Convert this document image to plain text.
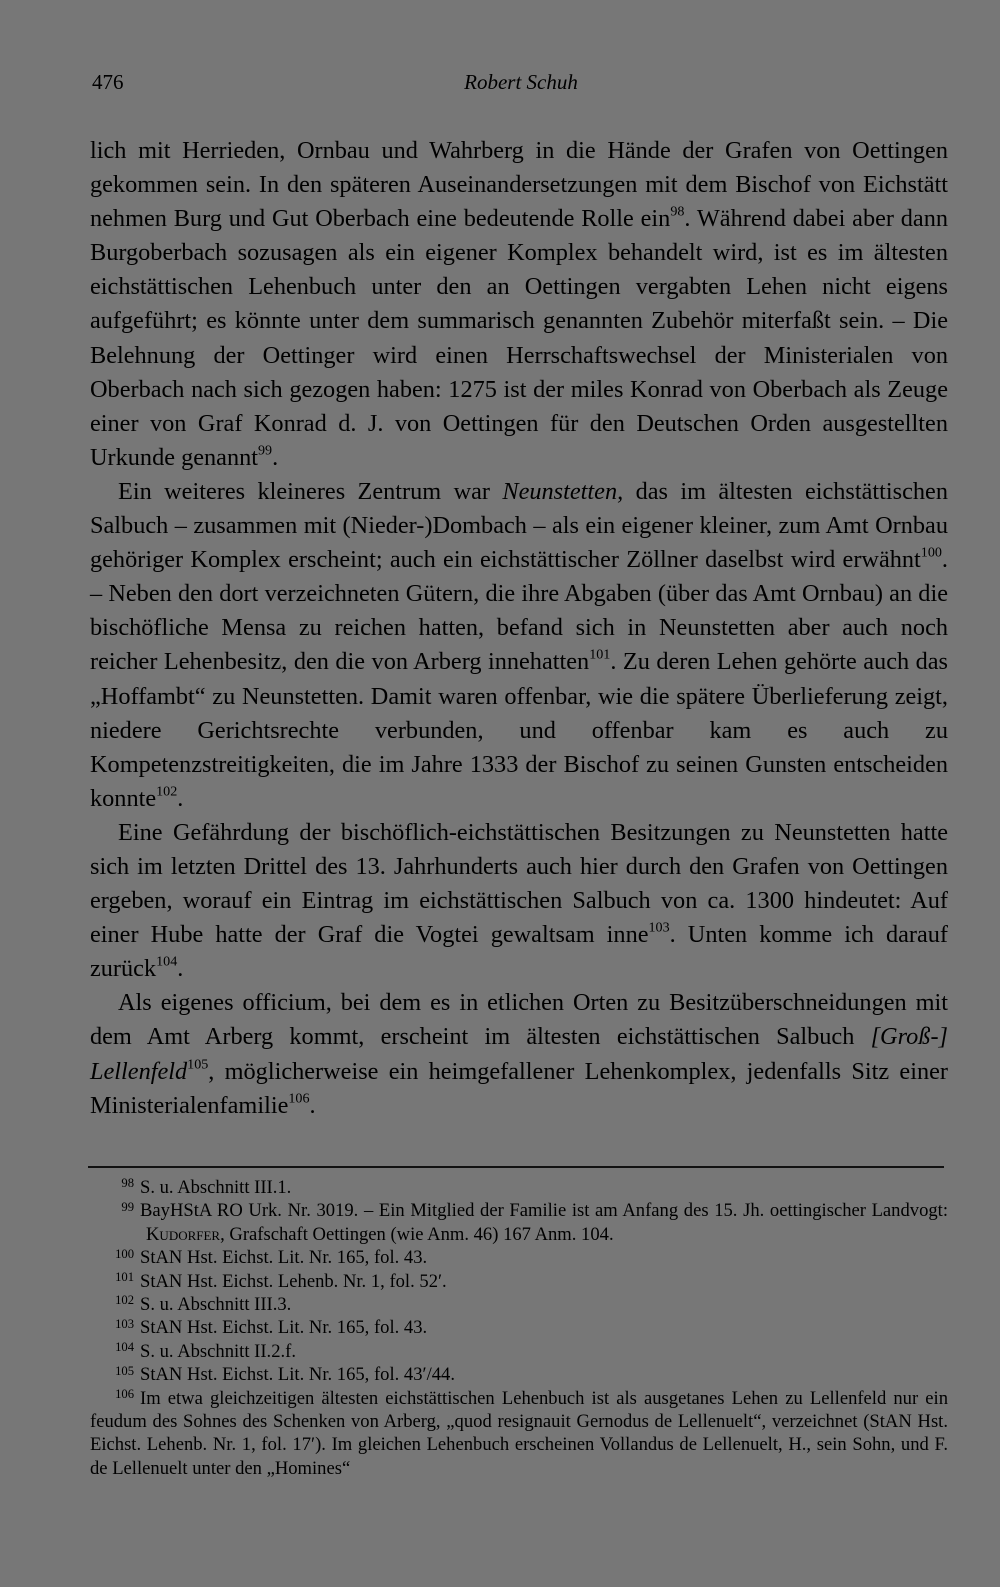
476	Robert Schuh

lich mit Herrieden, Ornbau und Wahrberg in die Hände der Grafen von Oettingen gekommen sein. In den späteren Auseinandersetzungen mit dem Bischof von Eichstätt nehmen Burg und Gut Oberbach eine bedeutende Rolle ein$^{98}$. Während dabei aber dann Burgoberbach sozusagen als ein eigener Komplex behandelt wird, ist es im ältesten eichstättischen Lehenbuch unter den an Oettingen vergabten Lehen nicht eigens aufgeführt; es könnte unter dem summarisch genannten Zubehör miterfaßt sein. – Die Belehnung der Oettinger wird einen Herrschaftswechsel der Ministerialen von Oberbach nach sich gezogen haben: 1275 ist der miles Konrad von Oberbach als Zeuge einer von Graf Konrad d. J. von Oettingen für den Deutschen Orden ausgestellten Urkunde genannt$^{99}$.

Ein weiteres kleineres Zentrum war Neunstetten, das im ältesten eichstättischen Salbuch – zusammen mit (Nieder-)Dombach – als ein eigener kleiner, zum Amt Ornbau gehöriger Komplex erscheint; auch ein eichstättischer Zöllner daselbst wird erwähnt$^{100}$. – Neben den dort verzeichneten Gütern, die ihre Abgaben (über das Amt Ornbau) an die bischöfliche Mensa zu reichen hatten, befand sich in Neunstetten aber auch noch reicher Lehenbesitz, den die von Arberg innehatten$^{101}$. Zu deren Lehen gehörte auch das „Hoffambt“ zu Neunstetten. Damit waren offenbar, wie die spätere Überlieferung zeigt, niedere Gerichtsrechte verbunden, und offenbar kam es auch zu Kompetenzstreitigkeiten, die im Jahre 1333 der Bischof zu seinen Gunsten entscheiden konnte$^{102}$.

Eine Gefährdung der bischöflich-eichstättischen Besitzungen zu Neunstetten hatte sich im letzten Drittel des 13. Jahrhunderts auch hier durch den Grafen von Oettingen ergeben, worauf ein Eintrag im eichstättischen Salbuch von ca. 1300 hindeutet: Auf einer Hube hatte der Graf die Vogtei gewaltsam inne$^{103}$. Unten komme ich darauf zurück$^{104}$.

Als eigenes officium, bei dem es in etlichen Orten zu Besitzüberschneidungen mit dem Amt Arberg kommt, erscheint im ältesten eichstättischen Salbuch [Groß-] Lellenfeld$^{105}$, möglicherweise ein heimgefallener Lehenkomplex, jedenfalls Sitz einer Ministerialenfamilie$^{106}$.

98 S. u. Abschnitt III.1.

99 BayHStA RO Urk. Nr. 3019. – Ein Mitglied der Familie ist am Anfang des 15. Jh. oettingischer Landvogt: Kudorfer, Grafschaft Oettingen (wie Anm. 46) 167 Anm. 104.

100 StAN Hst. Eichst. Lit. Nr. 165, fol. 43.

101 StAN Hst. Eichst. Lehenb. Nr. 1, fol. 52′.

102 S. u. Abschnitt III.3.

103 StAN Hst. Eichst. Lit. Nr. 165, fol. 43.

104 S. u. Abschnitt II.2.f.

105 StAN Hst. Eichst. Lit. Nr. 165, fol. 43′/44.

106 Im etwa gleichzeitigen ältesten eichstättischen Lehenbuch ist als ausgetanes Lehen zu Lellenfeld nur ein feudum des Sohnes des Schenken von Arberg, „quod resignauit Gernodus de Lellenuelt“, verzeichnet (StAN Hst. Eichst. Lehenb. Nr. 1, fol. 17′). Im gleichen Lehenbuch erscheinen Vollandus de Lellenuelt, H., sein Sohn, und F. de Lellenuelt unter den „Homines“
